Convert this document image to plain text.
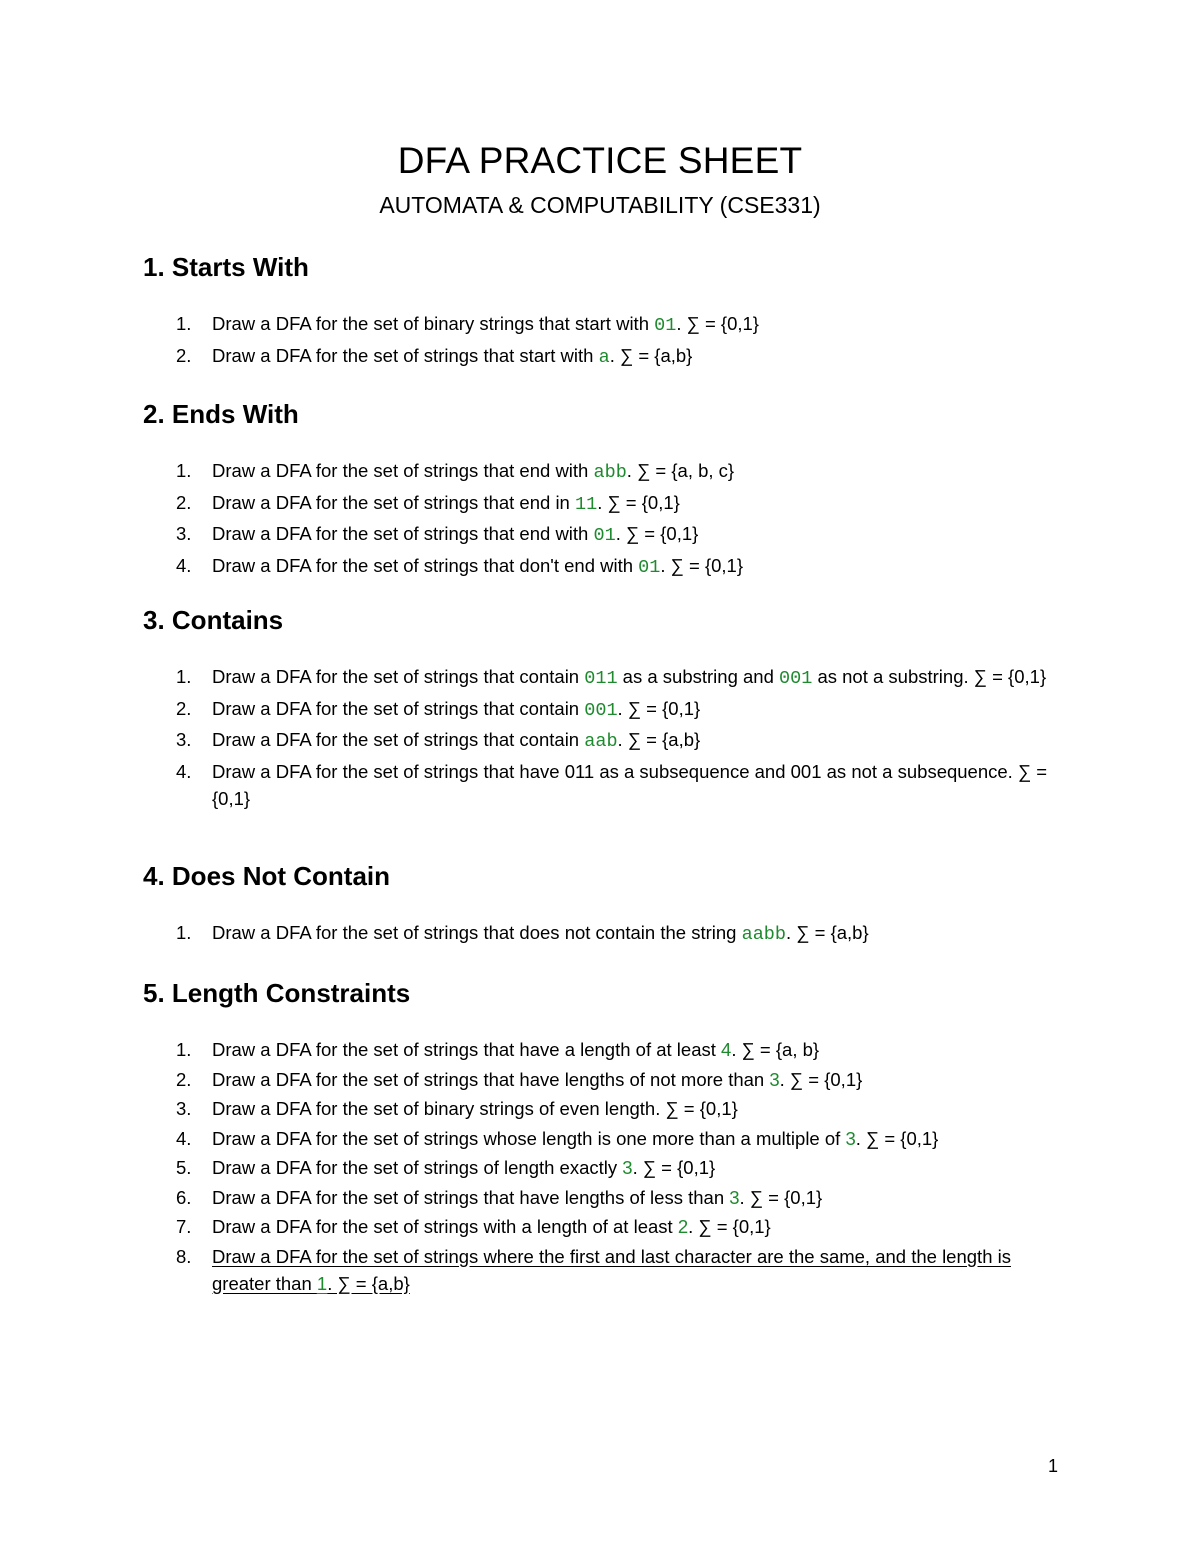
DFA PRACTICE SHEET
AUTOMATA & COMPUTABILITY (CSE331)
1. Starts With
1. Draw a DFA for the set of binary strings that start with 01. ∑ = {0,1}
2. Draw a DFA for the set of strings that start with a. ∑ = {a,b}
2. Ends With
1. Draw a DFA for the set of strings that end with abb. ∑ = {a, b, c}
2. Draw a DFA for the set of strings that end in 11. ∑ = {0,1}
3. Draw a DFA for the set of strings that end with 01. ∑ = {0,1}
4. Draw a DFA for the set of strings that don't end with 01. ∑ = {0,1}
3. Contains
1. Draw a DFA for the set of strings that contain 011 as a substring and 001 as not a substring. ∑ = {0,1}
2. Draw a DFA for the set of strings that contain 001. ∑ = {0,1}
3. Draw a DFA for the set of strings that contain aab. ∑ = {a,b}
4. Draw a DFA for the set of strings that have 011 as a subsequence and 001 as not a subsequence. ∑ = {0,1}
4. Does Not Contain
1. Draw a DFA for the set of strings that does not contain the string aabb. ∑ = {a,b}
5. Length Constraints
1. Draw a DFA for the set of strings that have a length of at least 4. ∑ = {a, b}
2. Draw a DFA for the set of strings that have lengths of not more than 3. ∑ = {0,1}
3. Draw a DFA for the set of binary strings of even length. ∑ = {0,1}
4. Draw a DFA for the set of strings whose length is one more than a multiple of 3. ∑ = {0,1}
5. Draw a DFA for the set of strings of length exactly 3. ∑ = {0,1}
6. Draw a DFA for the set of strings that have lengths of less than 3. ∑ = {0,1}
7. Draw a DFA for the set of strings with a length of at least 2. ∑ = {0,1}
8. Draw a DFA for the set of strings where the first and last character are the same, and the length is greater than 1. ∑ = {a,b}
1
